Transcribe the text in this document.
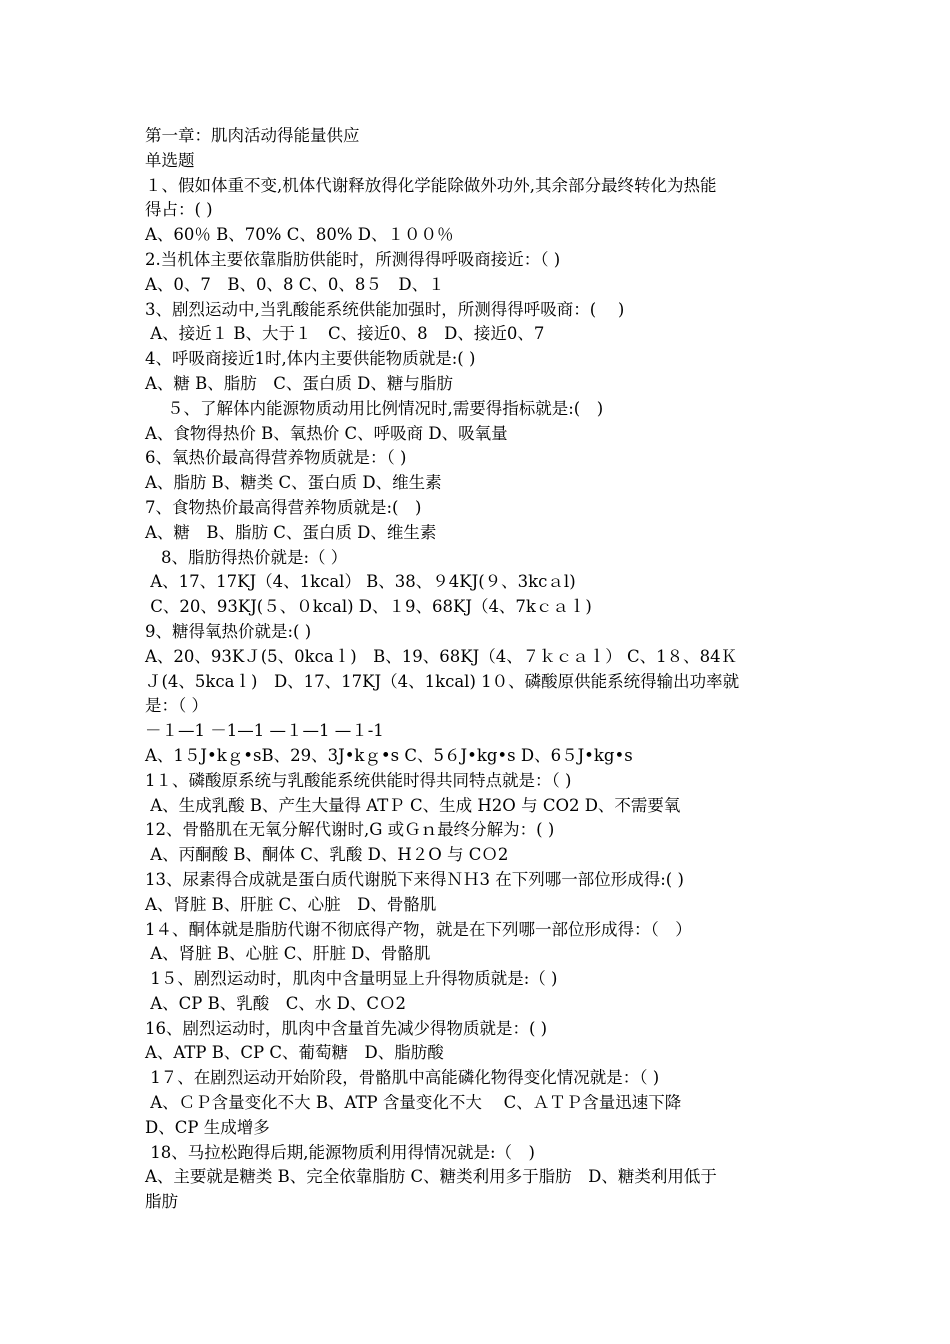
第一章：肌肉活动得能量供应
单选题
１、假如体重不变,机体代谢释放得化学能除做外功外,其余部分最终转化为热能
得占：( )
A、60％ B、70% C、80% D、１００％
2.当机体主要依靠脂肪供能时，所测得得呼吸商接近：（ )
A、0、7　B、0、8 C、0、8５　D、１
3、剧烈运动中,当乳酸能系统供能加强时，所测得得呼吸商：(　 )
A、接近１ B、大于１　C、接近0、8　D、接近0、7
4、呼吸商接近1时,体内主要供能物质就是:( )
A、糖 B、脂肪　C、蛋白质 D、糖与脂肪
５、了解体内能源物质动用比例情况时,需要得指标就是:(　)
A、食物得热价 B、氧热价 C、呼吸商 D、吸氧量
6、氧热价最高得营养物质就是：（ )
A、脂肪 B、糖类 C、蛋白质 D、维生素
7、食物热价最高得营养物质就是:(　)
A、糖　B、脂肪 C、蛋白质 D、维生素
8、脂肪得热价就是:（ ）
A、17、17KJ（4、1kcal） B、38、９4KJ(９、3kcａl)
C、20、93KJ(５、０kcal) D、１9、68KJ（4、7kｃａｌ)
9、糖得氧热价就是:( )
A、20、93KＪ(5、0kcaｌ)　B、19、68KJ（4、７ｋｃａｌ） C、1８、84Ｋ
Ｊ(4、5kcaｌ)　D、17、17KJ（4、1kcal) 1０、磷酸原供能系统得输出功率就
是：（ ）
－１—1 －1—1 —１—1 —１-1
A、1５J•kｇ•sB、29、3J•kｇ•s C、5６J•kg•s D、6５J•kg•s
1１、磷酸原系统与乳酸能系统供能时得共同特点就是：（ )
A、生成乳酸 B、产生大量得 ATＰ C、生成 H2O 与 CO2 D、不需要氧
12、骨骼肌在无氧分解代谢时,G 或Ｇｎ最终分解为：( )
A、丙酮酸 B、酮体 C、乳酸 D、H２O 与 CＯ2
13、尿素得合成就是蛋白质代谢脱下来得ＮＨ3 在下列哪一部位形成得:( )
A、肾脏 B、肝脏 C、心脏　D、骨骼肌
1４、酮体就是脂肪代谢不彻底得产物，就是在下列哪一部位形成得：（　）
A、肾脏 B、心脏 C、肝脏 D、骨骼肌
1５、剧烈运动时，肌肉中含量明显上升得物质就是:（ )
A、CP B、乳酸　C、水 D、CＯ2
16、剧烈运动时，肌肉中含量首先减少得物质就是：( )
A、ATP B、CP C、葡萄糖　D、脂肪酸
1７、在剧烈运动开始阶段，骨骼肌中高能磷化物得变化情况就是：（ )
A、ＣＰ含量变化不大 B、ATP 含量变化不大　 C、ＡＴＰ含量迅速下降
D、CP 生成增多
18、马拉松跑得后期,能源物质利用得情况就是:（　)
A、主要就是糖类 B、完全依靠脂肪 C、糖类利用多于脂肪　D、糖类利用低于
脂肪
